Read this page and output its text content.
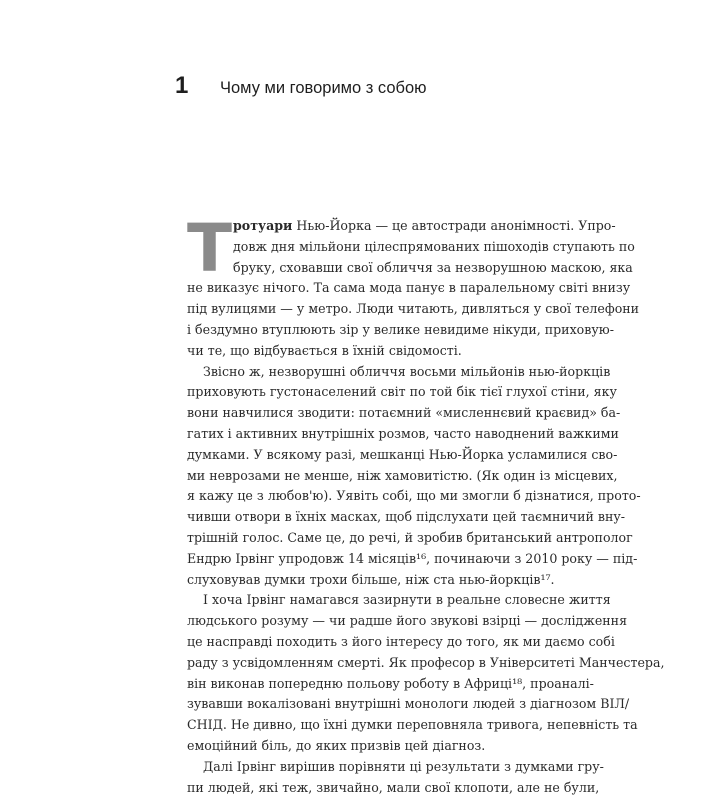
1	Чому ми говоримо з собою
Т ротуари Нью-Йорка — це автостради анонімності. Упро-
довж дня мільйони цілеспрямованих пішоходів ступають по
бруку, сховавши свої обличчя за незворушною маскою, яка
не виказує нічого. Та сама мода панує в паралельному світі внизу
під вулицями — у метро. Люди читають, дивляться у свої телефони
і бездумно втуплюють зір у велике невидиме нікуди, приховую-
чи те, що відбувається в їхній свідомості.
Звісно ж, незворушні обличчя восьми мільйонів нью-йоркців
приховують густонаселений світ по той бік тієї глухої стіни, яку
вони навчилися зводити: потаємний «мисленнєвий краєвид» ба-
гатих і активних внутрішніх розмов, часто наводнений важкими
думками. У всякому разі, мешканці Нью-Йорка усламилися сво-
ми неврозами не менше, ніж хамовитістю. (Як один із місцевих,
я кажу це з любов'ю). Уявіть собі, що ми змогли б дізнатися, прото-
чивши отвори в їхніх масках, щоб підслухати цей таємничий вну-
трішній голос. Саме це, до речі, й зробив британський антрополог
Ендрю Ірвінг упродовж 14 місяців¹⁶, починаючи з 2010 року — під-
слуховував думки трохи більше, ніж ста нью-йоркців¹⁷.
І хоча Ірвінг намагався зазирнути в реальне словесне життя
людського розуму — чи радше його звукові взірці — дослідження
це насправді походить з його інтересу до того, як ми даємо собі
раду з усвідомленням смерті. Як професор в Університеті Манчестера,
він виконав попередню польову роботу в Африці¹⁸, проаналі-
зувавши вокалізовані внутрішні монологи людей з діагнозом ВІЛ/
СНІД. Не дивно, що їхні думки переповняла тривога, непевність та
емоційний біль, до яких призвів цей діагноз.
Далі Ірвінг вирішив порівняти ці результати з думками гру-
пи людей, які теж, звичайно, мали свої клопоти, але не були,
